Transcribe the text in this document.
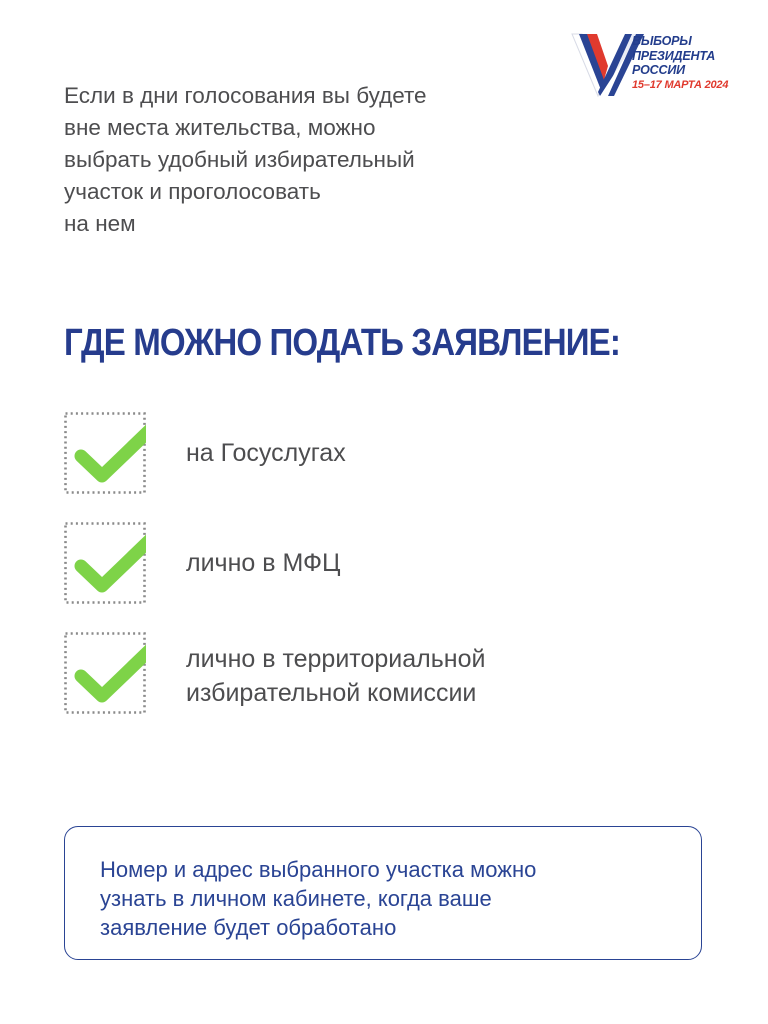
Если в дни голосования вы будете
вне места жительства, можно
выбрать удобный избирательный
участок и проголосовать
на нем
ВЫБОРЫ
ПРЕЗИДЕНТА
РОССИИ
15–17 МАРТА 2024
ГДЕ МОЖНО ПОДАТЬ ЗАЯВЛЕНИЕ:
на Госуслугах
лично в МФЦ
лично в территориальной
избирательной комиссии
Номер и адрес выбранного участка можно
узнать в личном кабинете, когда ваше
заявление будет обработано
